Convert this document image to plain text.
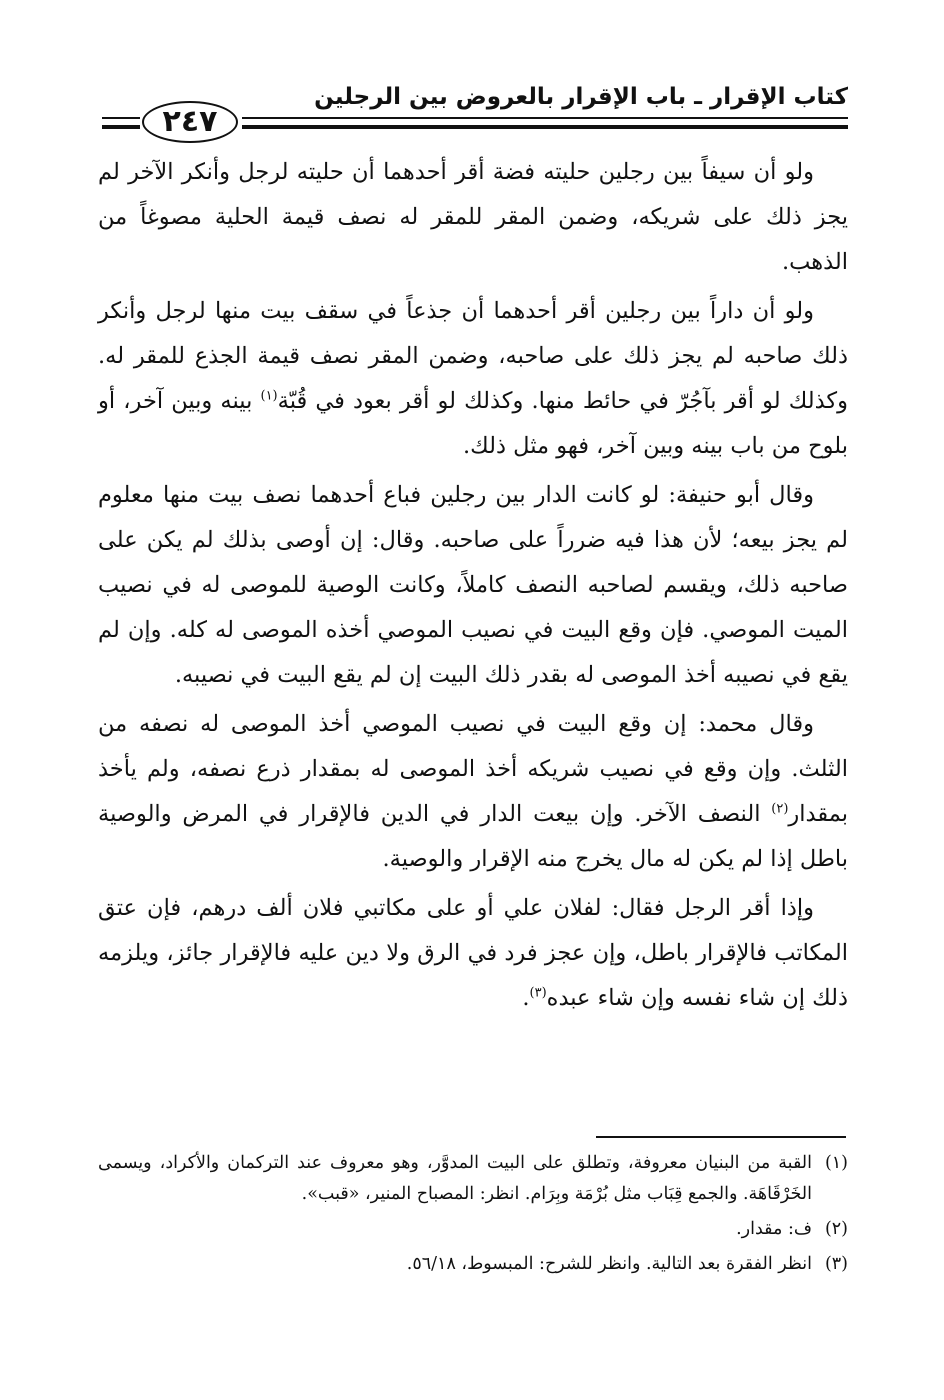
كتاب الإقرار ـ باب الإقرار بالعروض بين الرجلين
٢٤٧

ولو أن سيفاً بين رجلين حليته فضة أقر أحدهما أن حليته لرجل وأنكر الآخر لم يجز ذلك على شريكه، وضمن المقر للمقر له نصف قيمة الحلية مصوغاً من الذهب.

ولو أن داراً بين رجلين أقر أحدهما أن جذعاً في سقف بيت منها لرجل وأنكر ذلك صاحبه لم يجز ذلك على صاحبه، وضمن المقر نصف قيمة الجذع للمقر له. وكذلك لو أقر بآجُرّ في حائط منها. وكذلك لو أقر بعود في قُبّة$^{(١)}$ بينه وبين آخر، أو بلوح من باب بينه وبين آخر، فهو مثل ذلك.

وقال أبو حنيفة: لو كانت الدار بين رجلين فباع أحدهما نصف بيت منها معلوم لم يجز بيعه؛ لأن هذا فيه ضرراً على صاحبه. وقال: إن أوصى بذلك لم يكن على صاحبه ذلك، ويقسم لصاحبه النصف كاملاً، وكانت الوصية للموصى له في نصيب الميت الموصي. فإن وقع البيت في نصيب الموصي أخذه الموصى له كله. وإن لم يقع في نصيبه أخذ الموصى له بقدر ذلك البيت إن لم يقع البيت في نصيبه.

وقال محمد: إن وقع البيت في نصيب الموصي أخذ الموصى له نصفه من الثلث. وإن وقع في نصيب شريكه أخذ الموصى له بمقدار ذرع نصفه، ولم يأخذ بمقدار$^{(٢)}$ النصف الآخر. وإن بيعت الدار في الدين فالإقرار في المرض والوصية باطل إذا لم يكن له مال يخرج منه الإقرار والوصية.

وإذا أقر الرجل فقال: لفلان علي أو على مكاتبي فلان ألف درهم، فإن عتق المكاتب فالإقرار باطل، وإن عجز فرد في الرق ولا دين عليه فالإقرار جائز، ويلزمه ذلك إن شاء نفسه وإن شاء عبده$^{(٣)}$.

(١)
القبة من البنيان معروفة، وتطلق على البيت المدوَّر، وهو معروف عند التركمان والأكراد، ويسمى الخَرْقَاهَة. والجمع قِبَاب مثل بُرْمَة وبِرَام. انظر: المصباح المنير، «قبب».
(٢)
ف: مقدار.
(٣)
انظر الفقرة بعد التالية. وانظر للشرح: المبسوط، ٥٦/١٨.
